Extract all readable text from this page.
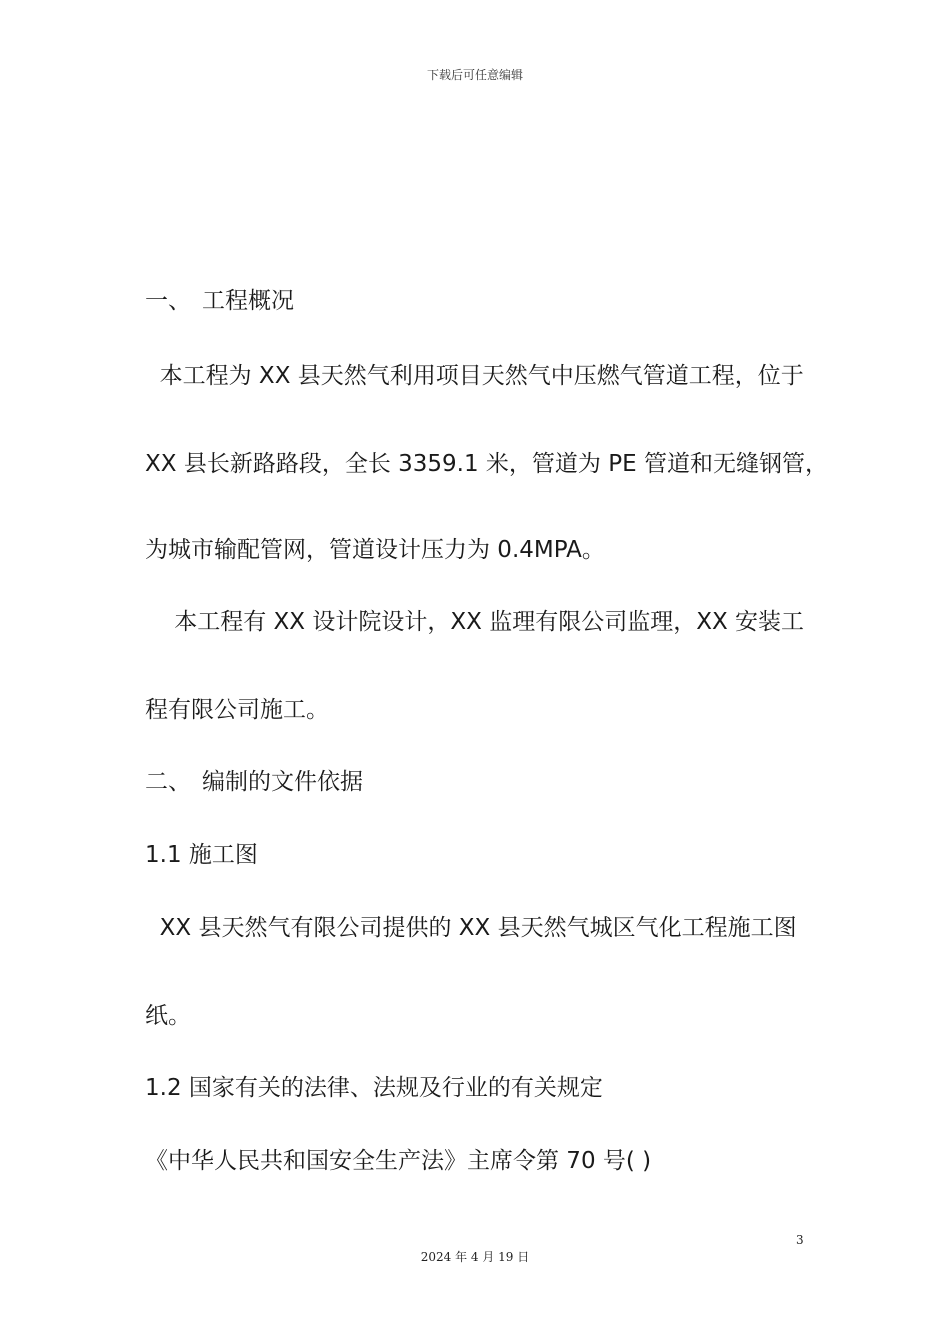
下载后可任意编辑
一、 工程概况
本工程为 XX 县天然气利用项目天然气中压燃气管道工程，位于
XX 县长新路路段，全长 3359.1 米，管道为 PE 管道和无缝钢管，
为城市输配管网，管道设计压力为 0.4MPA。
本工程有 XX 设计院设计，XX 监理有限公司监理，XX 安装工
程有限公司施工。
二、 编制的文件依据
1.1 施工图
XX 县天然气有限公司提供的 XX 县天然气城区气化工程施工图
纸。
1.2 国家有关的法律、法规及行业的有关规定
《中华人民共和国安全生产法》主席令第 70 号( )
3
2024 年 4 月 19 日
